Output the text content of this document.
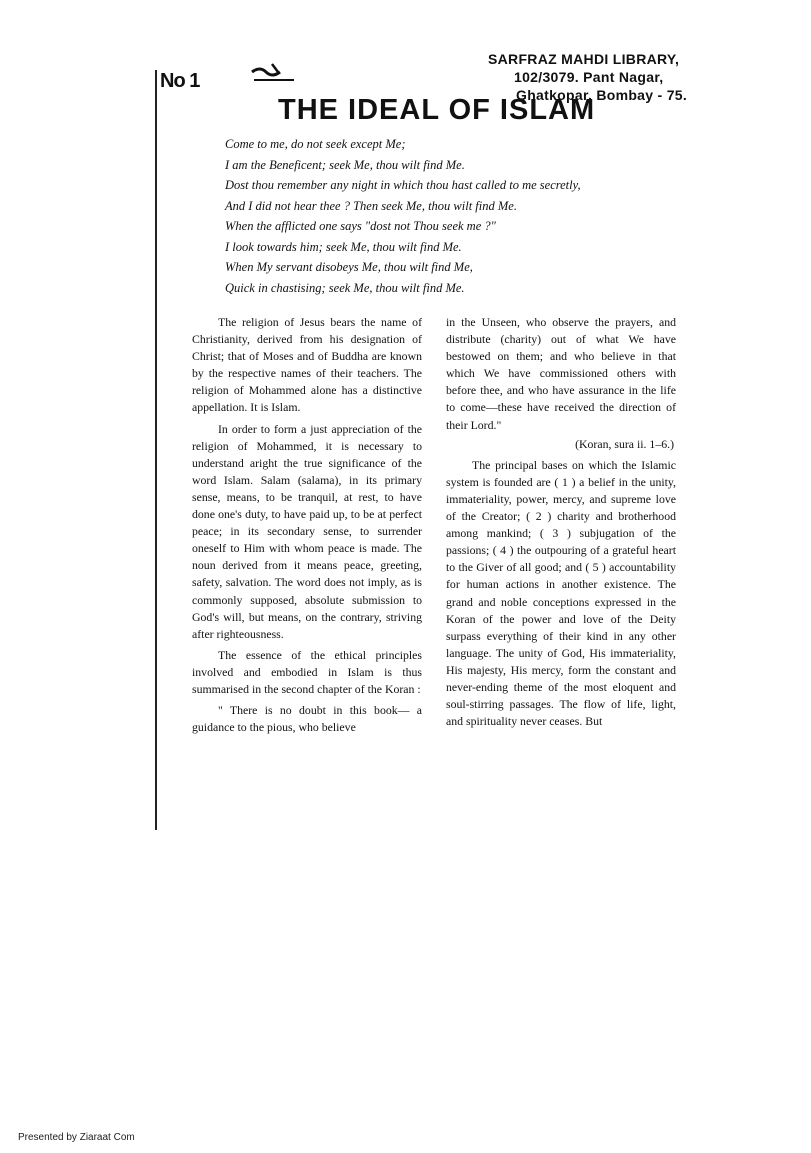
No 1
SARFRAZ MAHDI LIBRARY,
102/3079. Pant Nagar,
Ghatkopar, Bombay - 75.
THE IDEAL OF ISLAM
Come to me, do not seek except Me;
I am the Beneficent; seek Me, thou wilt find Me.
Dost thou remember any night in which thou hast called to me secretly,
And I did not hear thee ? Then seek Me, thou wilt find Me.
When the afflicted one says "dost not Thou seek me ?"
I look towards him; seek Me, thou wilt find Me.
When My servant disobeys Me, thou wilt find Me,
Quick in chastising; seek Me, thou wilt find Me.

The religion of Jesus bears the name of Christianity, derived from his designation of Christ; that of Moses and of Buddha are known by the respective names of their teachers. The religion of Mohammed alone has a distinctive appellation. It is Islam.

In order to form a just appreciation of the religion of Mohammed, it is necessary to understand aright the true significance of the word Islam. Salam (salama), in its primary sense, means, to be tranquil, at rest, to have done one's duty, to have paid up, to be at perfect peace; in its secondary sense, to surrender oneself to Him with whom peace is made. The noun derived from it means peace, greeting, safety, salvation. The word does not imply, as is commonly supposed, absolute submission to God's will, but means, on the contrary, striving after righteousness.

The essence of the ethical principles involved and embodied in Islam is thus summarised in the second chapter of the Koran :

" There is no doubt in this book— a guidance to the pious, who believe

in the Unseen, who observe the prayers, and distribute (charity) out of what We have bestowed on them; and who believe in that which We have commissioned others with before thee, and who have assurance in the life to come—these have received the direction of their Lord."

(Koran, sura ii. 1–6.)

The principal bases on which the Islamic system is founded are ( 1 ) a belief in the unity, immateriality, power, mercy, and supreme love of the Creator; ( 2 ) charity and brotherhood among mankind; ( 3 ) subjugation of the passions; ( 4 ) the outpouring of a grateful heart to the Giver of all good; and ( 5 ) accountability for human actions in another existence. The grand and noble conceptions expressed in the Koran of the power and love of the Deity surpass everything of their kind in any other language. The unity of God, His immateriality, His majesty, His mercy, form the constant and never-ending theme of the most eloquent and soul-stirring passages. The flow of life, light, and spirituality never ceases. But

Presented by Ziaraat Com
